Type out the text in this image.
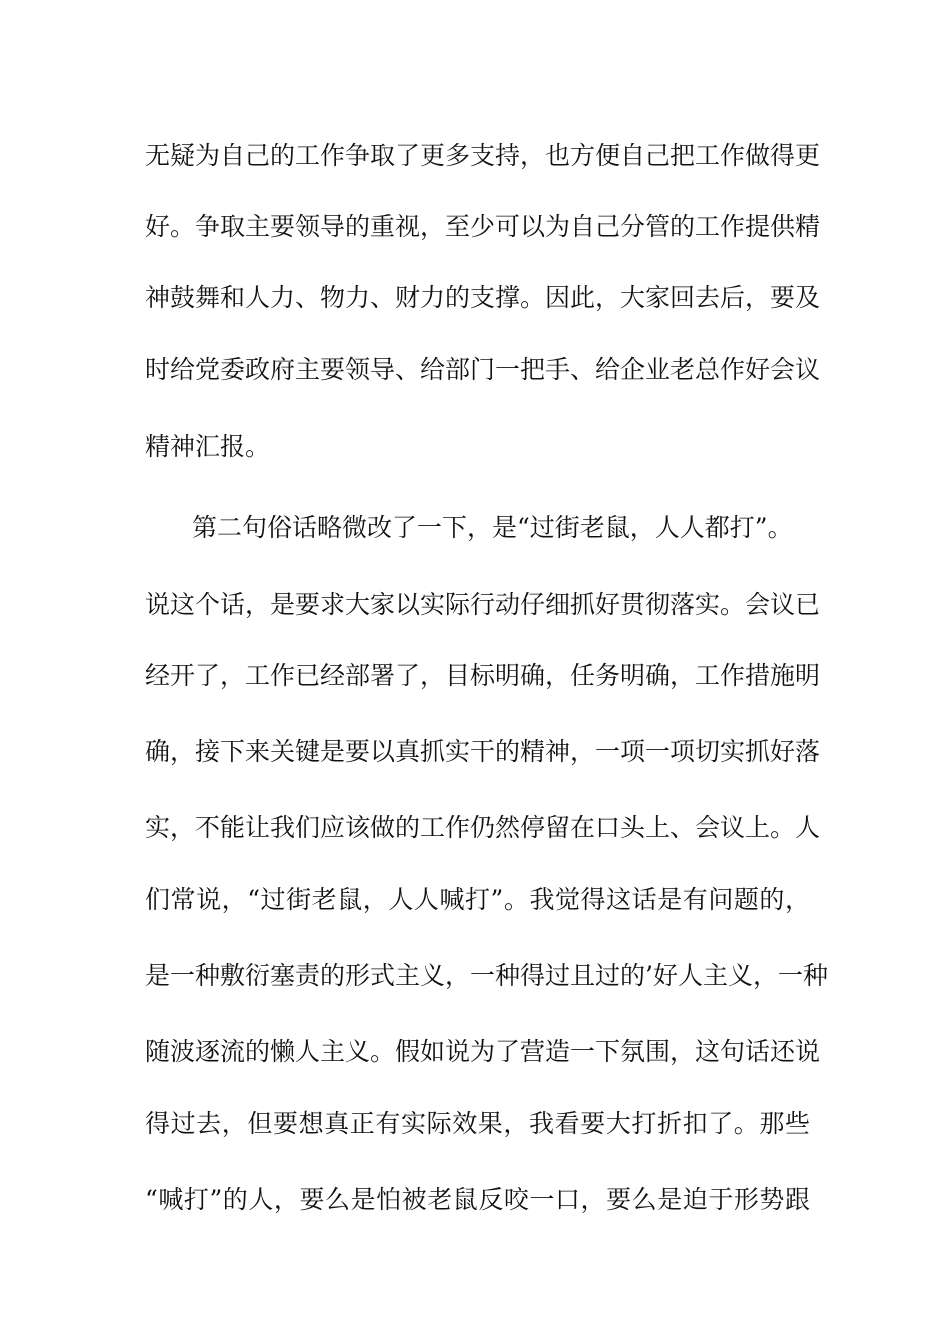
无疑为自己的工作争取了更多支持，也方便自己把工作做得更
好。争取主要领导的重视，至少可以为自己分管的工作提供精
神鼓舞和人力、物力、财力的支撑。因此，大家回去后，要及
时给党委政府主要领导、给部门一把手、给企业老总作好会议
精神汇报。
第二句俗话略微改了一下，是“过街老鼠，人人都打”。
说这个话，是要求大家以实际行动仔细抓好贯彻落实。会议已
经开了，工作已经部署了，目标明确，任务明确，工作措施明
确，接下来关键是要以真抓实干的精神，一项一项切实抓好落
实，不能让我们应该做的工作仍然停留在口头上、会议上。人
们常说，“过街老鼠，人人喊打”。我觉得这话是有问题的，
是一种敷衍塞责的形式主义，一种得过且过的’好人主义，一种
随波逐流的懒人主义。假如说为了营造一下氛围，这句话还说
得过去，但要想真正有实际效果，我看要大打折扣了。那些
“喊打”的人，要么是怕被老鼠反咬一口，要么是迫于形势跟
